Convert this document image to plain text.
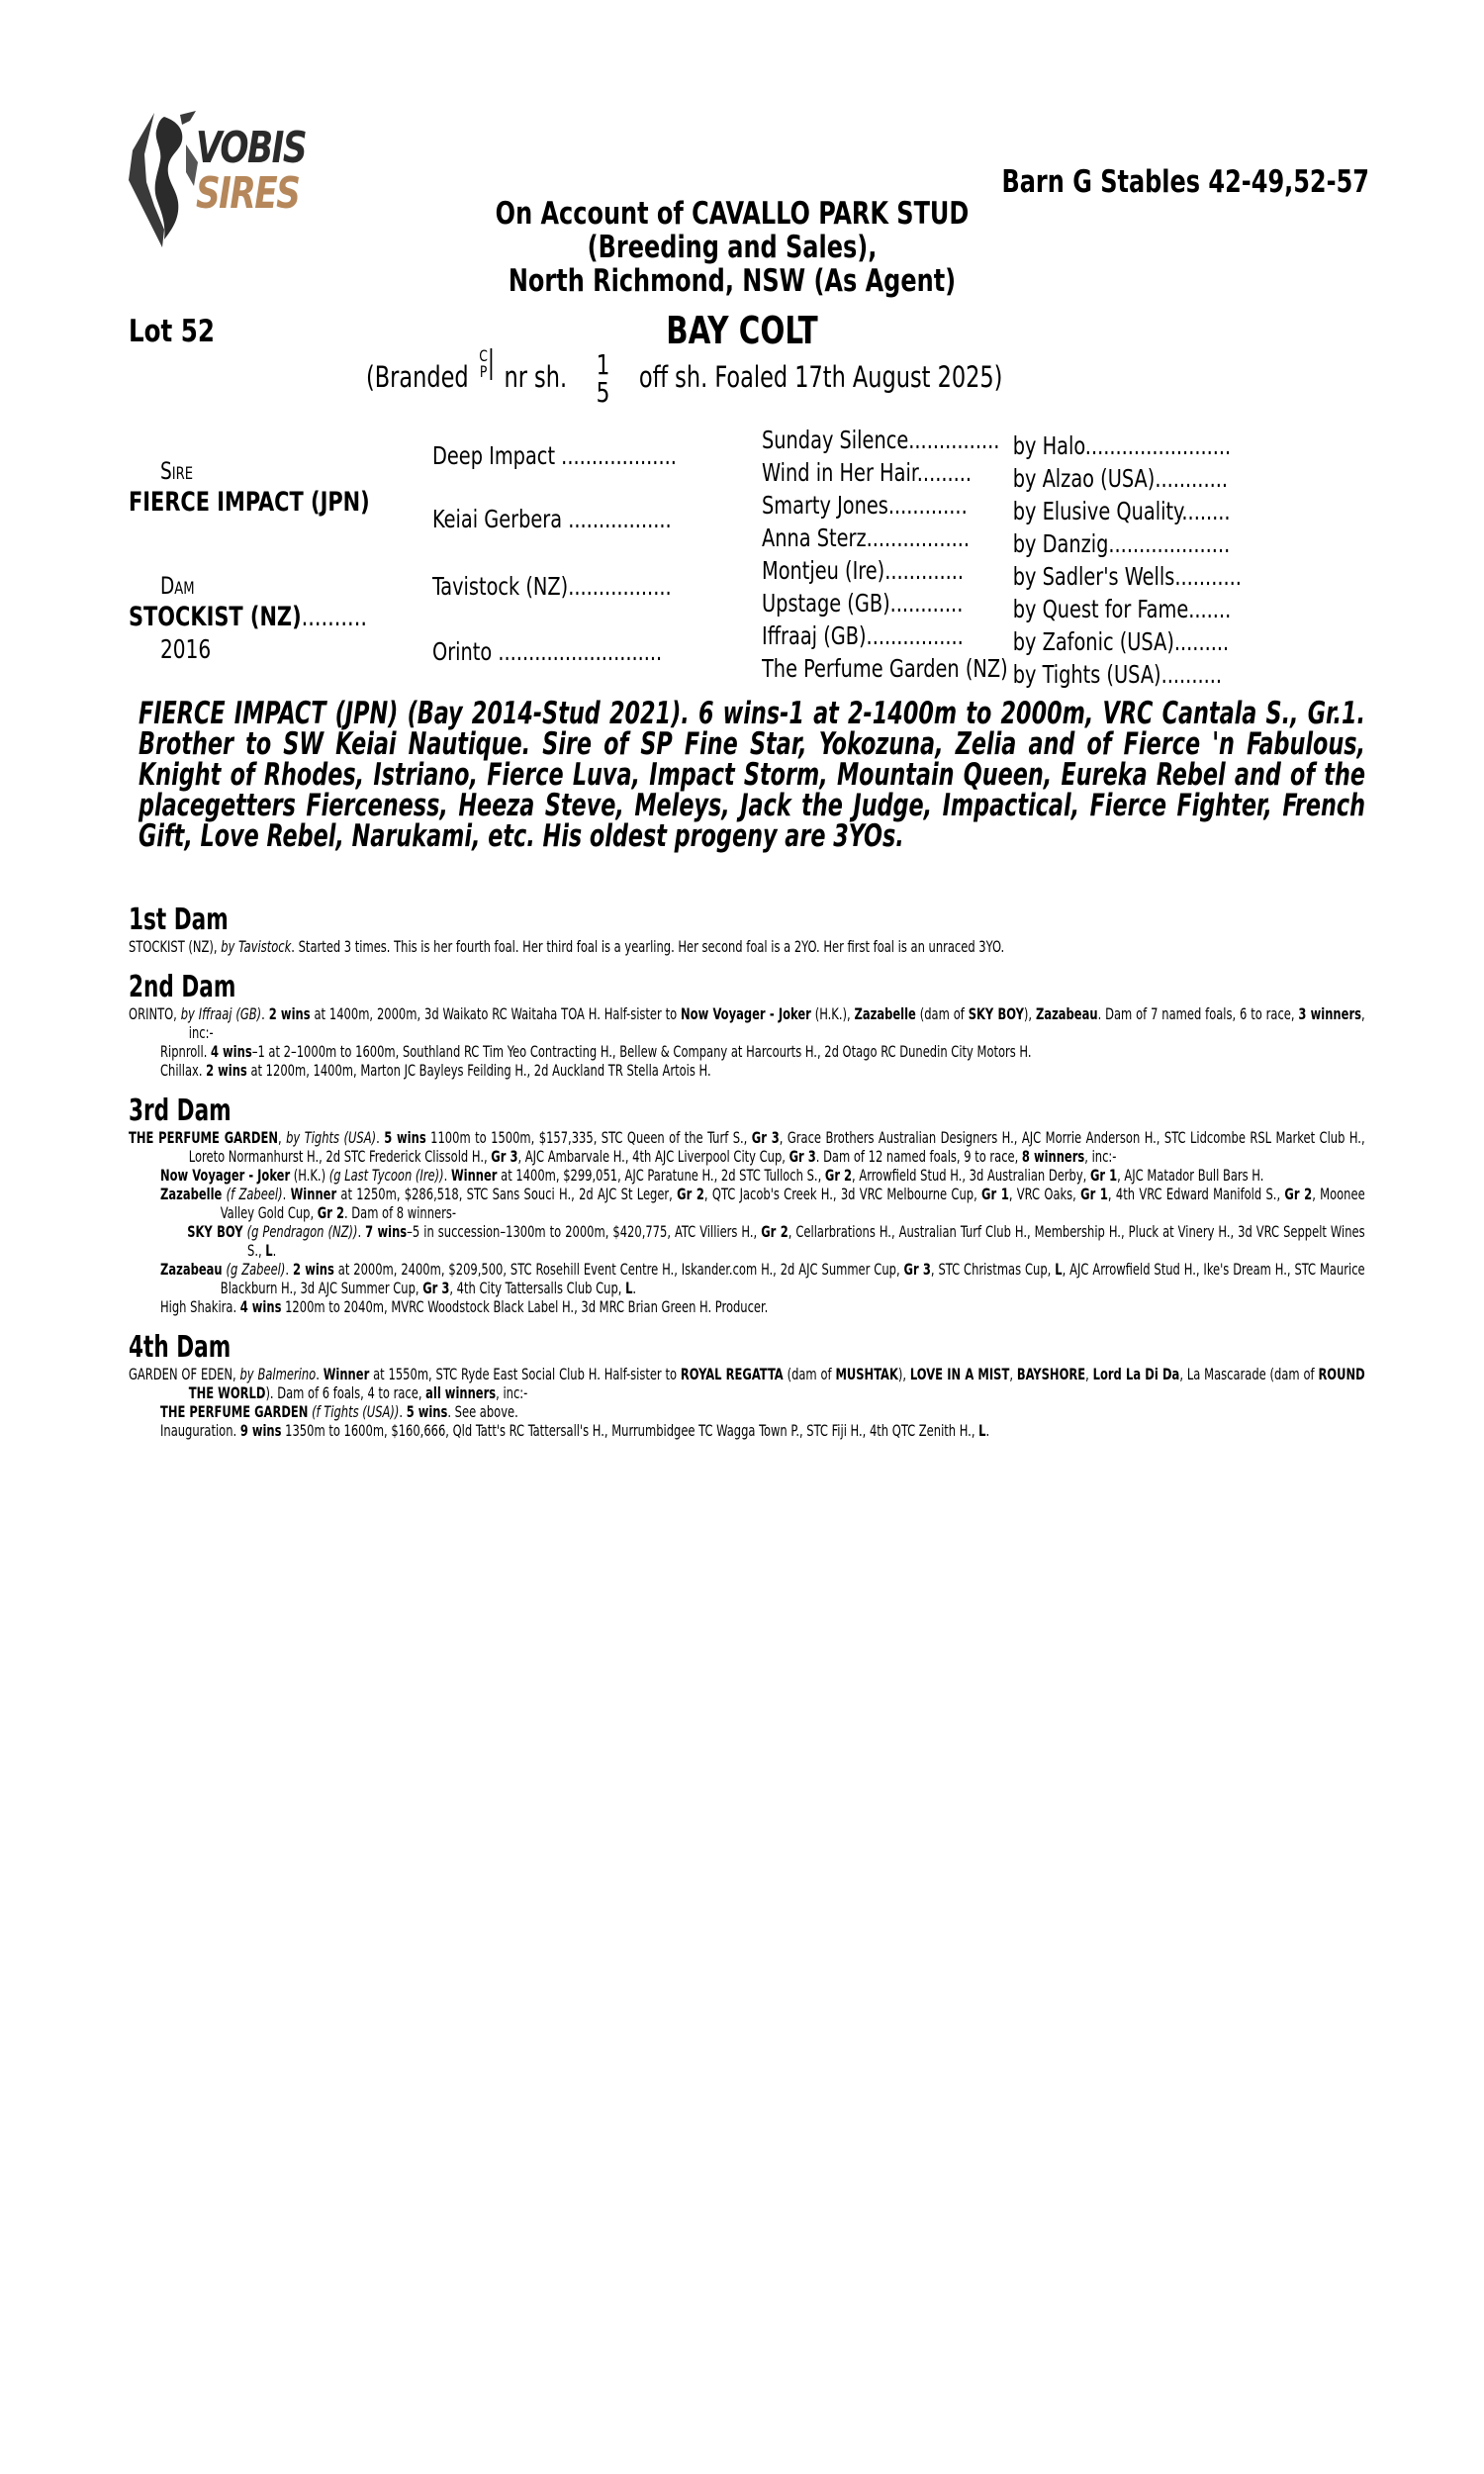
VOBIS
SIRES	Barn G Stables 42-49,52-57
On Account of CAVALLO PARK STUD
(Breeding and Sales),
North Richmond, NSW (As Agent)
Lot 52	BAY COLT
(Branded C
P nr sh. 1
5 off sh. Foaled 17th August 2025)
Sire
FIERCE IMPACT (JPN)
Dam
STOCKIST (NZ)..........
2016
Deep Impact ...................
Keiai Gerbera .................
Tavistock (NZ).................
Orinto ...........................
Sunday Silence............... by Halo........................
Wind in Her Hair......... by Alzao (USA)............
Smarty Jones............. by Elusive Quality........
Anna Sterz................. by Danzig....................
Montjeu (Ire)............. by Sadler's Wells...........
Upstage (GB)............ by Quest for Fame.......
Iffraaj (GB)................ by Zafonic (USA).........
The Perfume Garden (NZ) by Tights (USA)..........
FIERCE IMPACT (JPN) (Bay 2014-Stud 2021). 6 wins-1 at 2-1400m to 2000m, VRC Cantala S., Gr.1. Brother to SW Keiai Nautique. Sire of SP Fine Star, Yokozuna, Zelia and of Fierce 'n Fabulous, Knight of Rhodes, Istriano, Fierce Luva, Impact Storm, Mountain Queen, Eureka Rebel and of the placegetters Fierceness, Heeza Steve, Meleys, Jack the Judge, Impactical, Fierce Fighter, French Gift, Love Rebel, Narukami, etc. His oldest progeny are 3YOs.
1st Dam

STOCKIST (NZ), by Tavistock. Started 3 times. This is her fourth foal. Her third foal is a yearling. Her second foal is a 2YO. Her first foal is an unraced 3YO.

2nd Dam

ORINTO, by Iffraaj (GB). 2 wins at 1400m, 2000m, 3d Waikato RC Waitaha TOA H. Half-sister to Now Voyager - Joker (H.K.), Zazabelle (dam of SKY BOY), Zazabeau. Dam of 7 named foals, 6 to race, 3 winners, inc:-

Ripnroll. 4 wins–1 at 2–1000m to 1600m, Southland RC Tim Yeo Contracting H., Bellew & Company at Harcourts H., 2d Otago RC Dunedin City Motors H.

Chillax. 2 wins at 1200m, 1400m, Marton JC Bayleys Feilding H., 2d Auckland TR Stella Artois H.

3rd Dam

THE PERFUME GARDEN, by Tights (USA). 5 wins 1100m to 1500m, $157,335, STC Queen of the Turf S., Gr 3, Grace Brothers Australian Designers H., AJC Morrie Anderson H., STC Lidcombe RSL Market Club H., Loreto Normanhurst H., 2d STC Frederick Clissold H., Gr 3, AJC Ambarvale H., 4th AJC Liverpool City Cup, Gr 3. Dam of 12 named foals, 9 to race, 8 winners, inc:-

Now Voyager - Joker (H.K.) (g Last Tycoon (Ire)). Winner at 1400m, $299,051, AJC Paratune H., 2d STC Tulloch S., Gr 2, Arrowfield Stud H., 3d Australian Derby, Gr 1, AJC Matador Bull Bars H.

Zazabelle (f Zabeel). Winner at 1250m, $286,518, STC Sans Souci H., 2d AJC St Leger, Gr 2, QTC Jacob's Creek H., 3d VRC Melbourne Cup, Gr 1, VRC Oaks, Gr 1, 4th VRC Edward Manifold S., Gr 2, Moonee Valley Gold Cup, Gr 2. Dam of 8 winners-

SKY BOY (g Pendragon (NZ)). 7 wins–5 in succession–1300m to 2000m, $420,775, ATC Villiers H., Gr 2, Cellarbrations H., Australian Turf Club H., Membership H., Pluck at Vinery H., 3d VRC Seppelt Wines S., L.

Zazabeau (g Zabeel). 2 wins at 2000m, 2400m, $209,500, STC Rosehill Event Centre H., Iskander.com H., 2d AJC Summer Cup, Gr 3, STC Christmas Cup, L, AJC Arrowfield Stud H., Ike's Dream H., STC Maurice Blackburn H., 3d AJC Summer Cup, Gr 3, 4th City Tattersalls Club Cup, L.

High Shakira. 4 wins 1200m to 2040m, MVRC Woodstock Black Label H., 3d MRC Brian Green H. Producer.

4th Dam

GARDEN OF EDEN, by Balmerino. Winner at 1550m, STC Ryde East Social Club H. Half-sister to ROYAL REGATTA (dam of MUSHTAK), LOVE IN A MIST, BAYSHORE, Lord La Di Da, La Mascarade (dam of ROUND THE WORLD). Dam of 6 foals, 4 to race, all winners, inc:-

THE PERFUME GARDEN (f Tights (USA)). 5 wins. See above.

Inauguration. 9 wins 1350m to 1600m, $160,666, Qld Tatt's RC Tattersall's H., Murrumbidgee TC Wagga Town P., STC Fiji H., 4th QTC Zenith H., L.
